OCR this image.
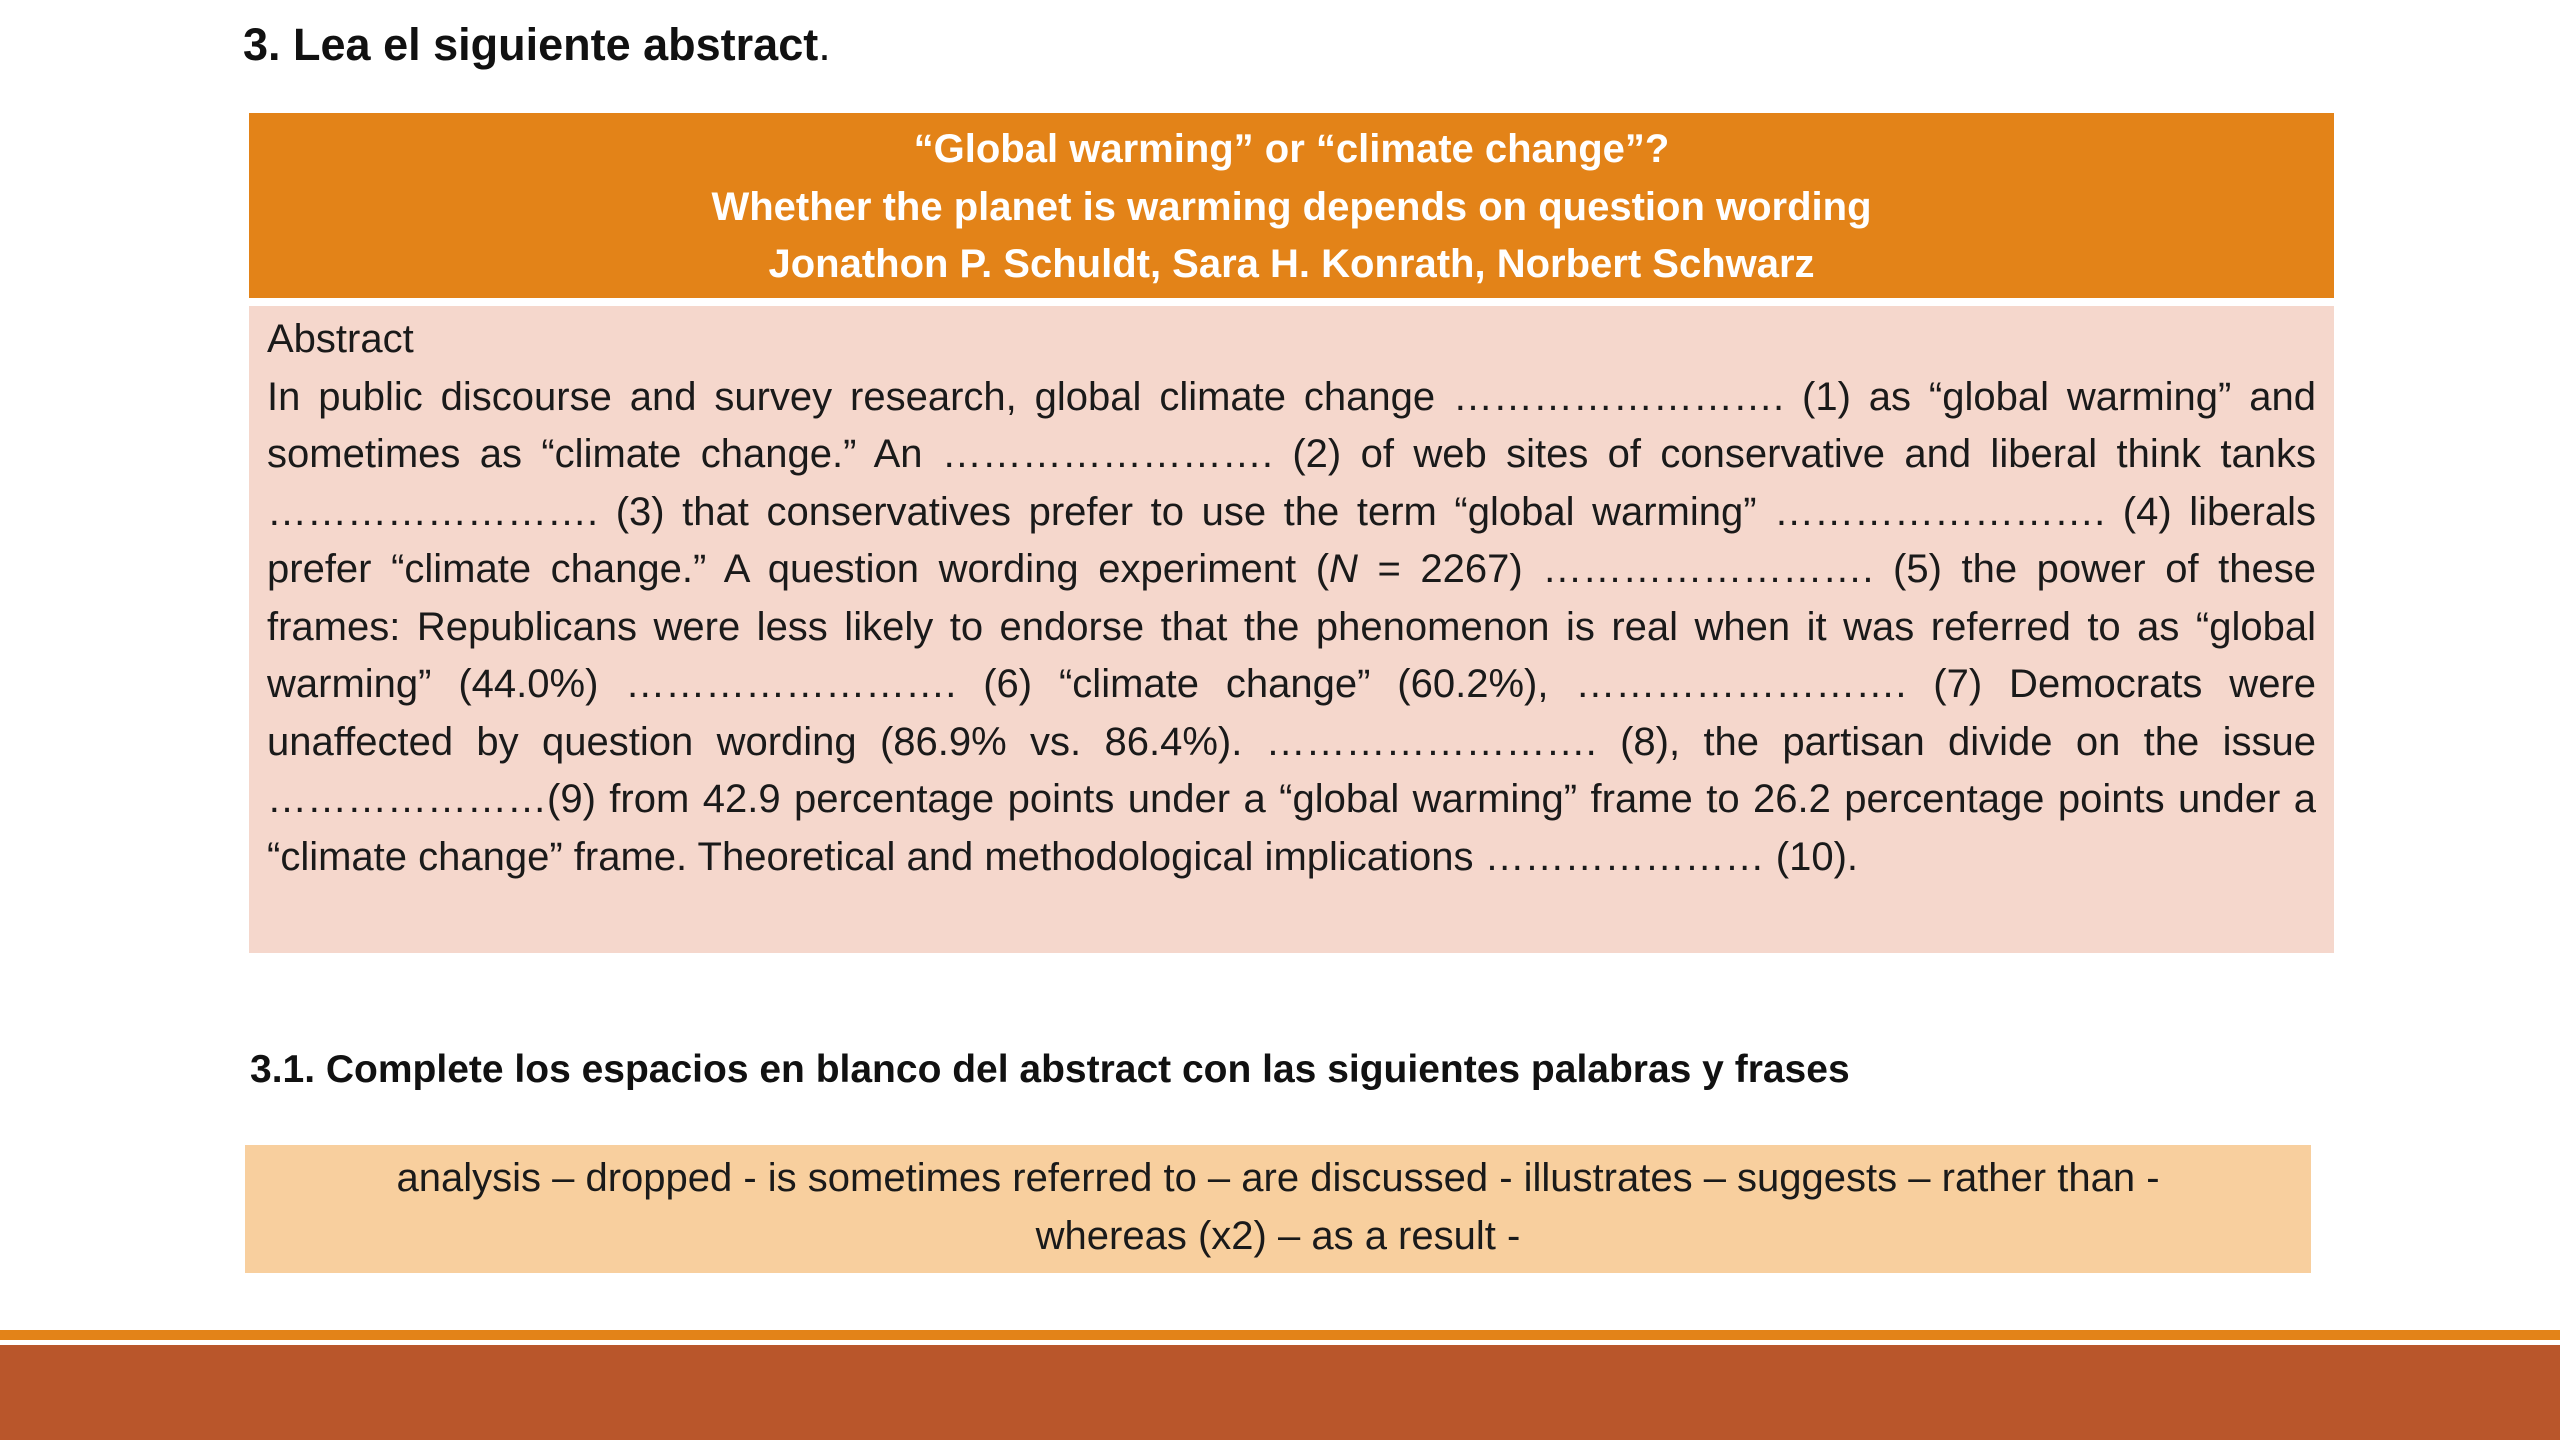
3. Lea el siguiente abstract.
“Global warming” or “climate change”?
Whether the planet is warming depends on question wording
Jonathon P. Schuldt, Sara H. Konrath, Norbert Schwarz
Abstract
In public discourse and survey research, global climate change ……………………. (1) as “global warming” and sometimes as “climate change.” An ……………………. (2) of web sites of conservative and liberal think tanks ……………………. (3) that conservatives prefer to use the term “global warming” ……………………. (4) liberals prefer “climate change.” A question wording experiment (N = 2267) ……………………. (5) the power of these frames: Republicans were less likely to endorse that the phenomenon is real when it was referred to as “global warming” (44.0%) ……………………. (6) “climate change” (60.2%), ……………………. (7) Democrats were unaffected by question wording (86.9% vs. 86.4%). ……………………. (8), the partisan divide on the issue …………………(9) from 42.9 percentage points under a “global warming” frame to 26.2 percentage points under a “climate change” frame. Theoretical and methodological implications ………………… (10).
3.1. Complete los espacios en blanco del abstract con las siguientes palabras y frases
analysis – dropped - is sometimes referred to – are discussed - illustrates – suggests – rather than -
whereas (x2) – as a result -
